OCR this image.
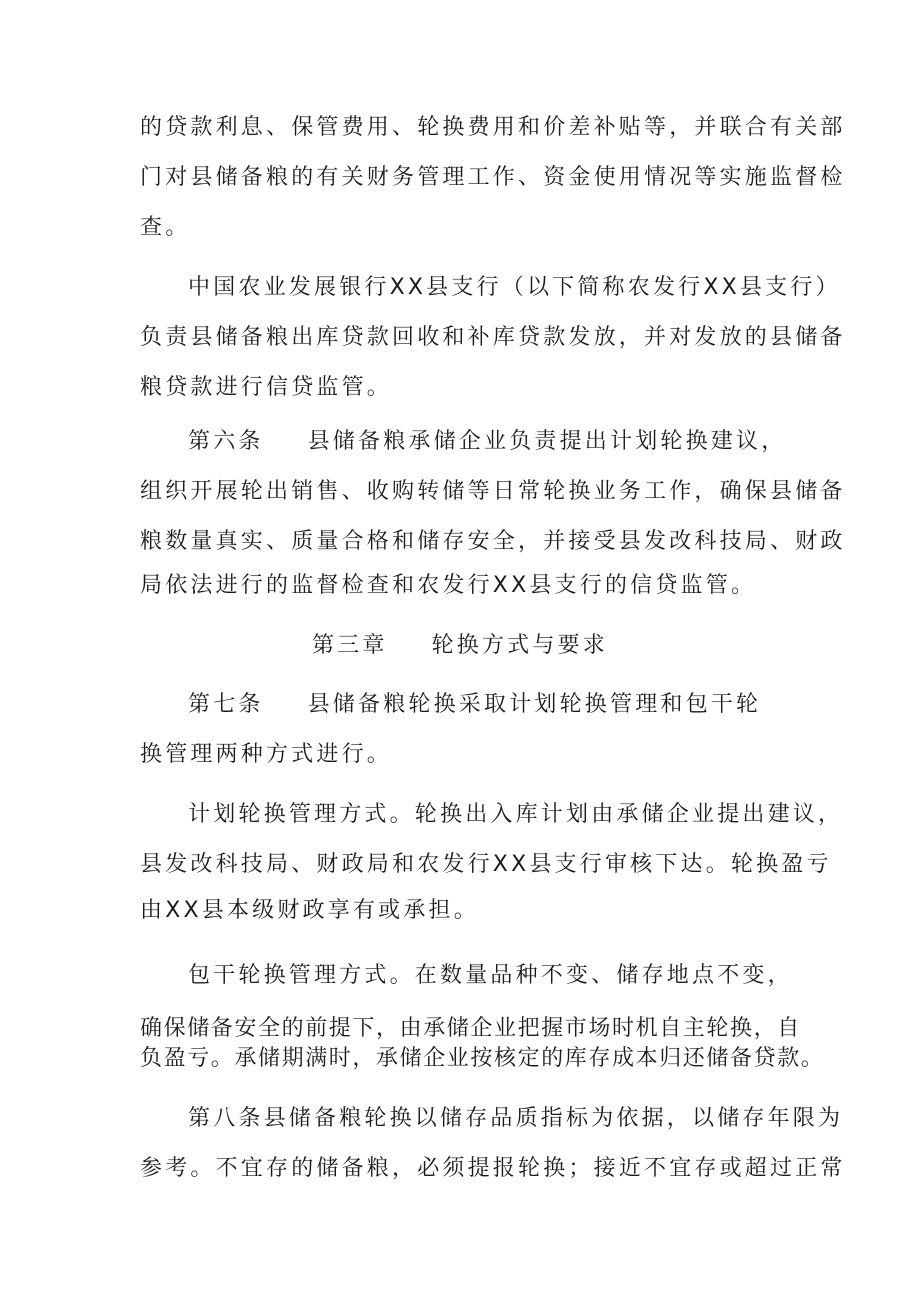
的贷款利息、保管费用、轮换费用和价差补贴等，并联合有关部
门对县储备粮的有关财务管理工作、资金使用情况等实施监督检
查。
中国农业发展银行XX县支行（以下简称农发行XX县支行）
负责县储备粮出库贷款回收和补库贷款发放，并对发放的县储备
粮贷款进行信贷监管。
第六条 县储备粮承储企业负责提出计划轮换建议，
组织开展轮出销售、收购转储等日常轮换业务工作，确保县储备
粮数量真实、质量合格和储存安全，并接受县发改科技局、财政
局依法进行的监督检查和农发行XX县支行的信贷监管。
第三章 轮换方式与要求
第七条 县储备粮轮换采取计划轮换管理和包干轮
换管理两种方式进行。
计划轮换管理方式。轮换出入库计划由承储企业提出建议，
县发改科技局、财政局和农发行XX县支行审核下达。轮换盈亏
由XX县本级财政享有或承担。
包干轮换管理方式。在数量品种不变、储存地点不变，
确保储备安全的前提下，由承储企业把握市场时机自主轮换，自
负盈亏。承储期满时，承储企业按核定的库存成本归还储备贷款。
第八条县储备粮轮换以储存品质指标为依据，以储存年限为
参考。不宜存的储备粮，必须提报轮换；接近不宜存或超过正常
